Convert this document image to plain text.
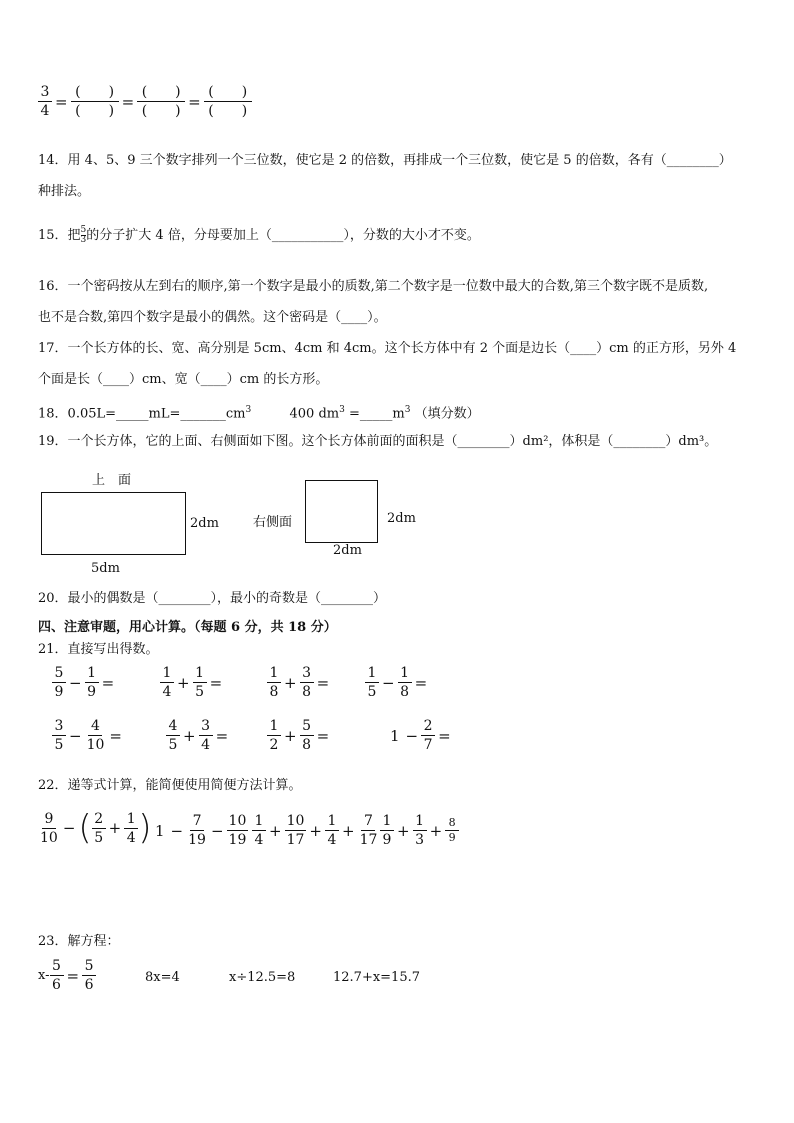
$\frac{3}{4} = \frac{( )}{( )} = \frac{( )}{( )} = \frac{( )}{( )}$
14．用 4、5、9 三个数字排列一个三位数，使它是 2 的倍数，再排成一个三位数，使它是 5 的倍数，各有（________）
种排法。
15．把 $\frac{5}{3}$ 的分子扩大 4 倍，分母要加上（___________），分数的大小才不变。
16．一个密码按从左到右的顺序,第一个数字是最小的质数,第二个数字是一位数中最大的合数,第三个数字既不是质数,
也不是合数,第四个数字是最小的偶然。这个密码是（____）。
17．一个长方体的长、宽、高分别是 5cm、4cm 和 4cm。这个长方体中有 2 个面是边长（____）cm 的正方形，另外 4
个面是长（____）cm、宽（____）cm 的长方形。
18．$0.05L=\_\_\_\_\_mL=\_\_\_\_\_\_\_cm^3$	400 $dm^3$ $=\_\_\_\_\_m^3$ （填分数）
19．一个长方体，它的上面、右侧面如下图。这个长方体前面的面积是（________）dm²，体积是（________）dm³。
上　面
2dm
5dm
右侧面	2dm
2dm
20．最小的偶数是（________），最小的奇数是（________）
四、注意审题，用心计算。（每题 6 分，共 18 分）
21．直接写出得数。
$\frac{5}{9} - \frac{1}{9}$ =	$\frac{1}{4} + \frac{1}{5}$ =	$\frac{1}{8} + \frac{3}{8}$ =	$\frac{1}{5} - \frac{1}{8}$ =
$\frac{3}{5} - \frac{4}{10}$ =	$\frac{4}{5} + \frac{3}{4}$ =	$\frac{1}{2} + \frac{5}{8}$ =	$1 - \frac{2}{7}$ =
22．递等式计算，能简便使用简便方法计算。
$\frac{9}{10}$ − ( $\frac{2}{5} + \frac{1}{4}$ ) $1 - \frac{7}{19} - \frac{10}{19} \frac{1}{4} + \frac{10}{17} + \frac{1}{4} + \frac{7}{17} \frac{1}{9} + \frac{1}{3} + \frac{8}{9}$
23．解方程：
$x- \frac{5}{6} = \frac{5}{6}$	8x=4	x÷12.5=8	12.7+x=15.7
